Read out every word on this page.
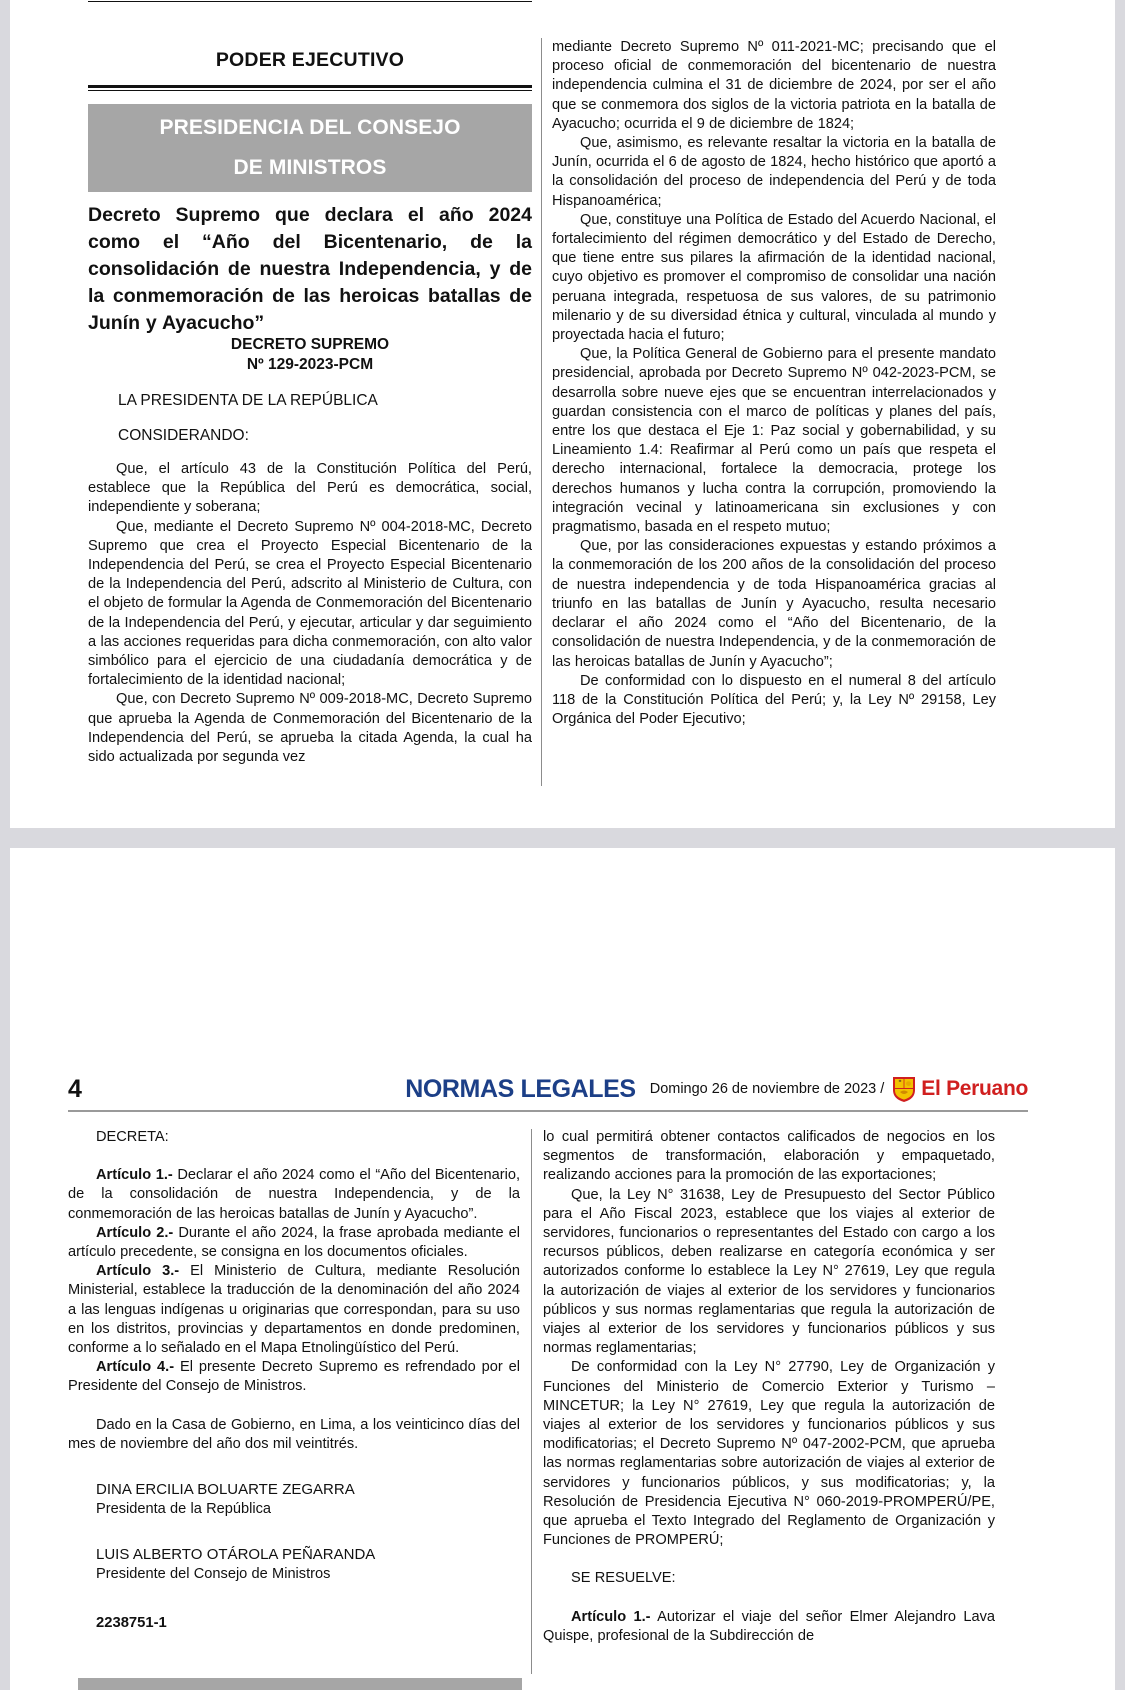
PODER EJECUTIVO
PRESIDENCIA DEL CONSEJO
DE MINISTROS
Decreto Supremo que declara el año 2024 como el “Año del Bicentenario, de la consolidación de nuestra Independencia, y de la conmemoración de las heroicas batallas de Junín y Ayacucho”
DECRETO SUPREMO
Nº 129-2023-PCM
LA PRESIDENTA DE LA REPÚBLICA
CONSIDERANDO:

Que, el artículo 43 de la Constitución Política del Perú, establece que la República del Perú es democrática, social, independiente y soberana;

Que, mediante el Decreto Supremo Nº 004-2018-MC, Decreto Supremo que crea el Proyecto Especial Bicentenario de la Independencia del Perú, se crea el Proyecto Especial Bicentenario de la Independencia del Perú, adscrito al Ministerio de Cultura, con el objeto de formular la Agenda de Conmemoración del Bicentenario de la Independencia del Perú, y ejecutar, articular y dar seguimiento a las acciones requeridas para dicha conmemoración, con alto valor simbólico para el ejercicio de una ciudadanía democrática y de fortalecimiento de la identidad nacional;

Que, con Decreto Supremo Nº 009-2018-MC, Decreto Supremo que aprueba la Agenda de Conmemoración del Bicentenario de la Independencia del Perú, se aprueba la citada Agenda, la cual ha sido actualizada por segunda vez

mediante Decreto Supremo Nº 011-2021-MC; precisando que el proceso oficial de conmemoración del bicentenario de nuestra independencia culmina el 31 de diciembre de 2024, por ser el año que se conmemora dos siglos de la victoria patriota en la batalla de Ayacucho; ocurrida el 9 de diciembre de 1824;

Que, asimismo, es relevante resaltar la victoria en la batalla de Junín, ocurrida el 6 de agosto de 1824, hecho histórico que aportó a la consolidación del proceso de independencia del Perú y de toda Hispanoamérica;

Que, constituye una Política de Estado del Acuerdo Nacional, el fortalecimiento del régimen democrático y del Estado de Derecho, que tiene entre sus pilares la afirmación de la identidad nacional, cuyo objetivo es promover el compromiso de consolidar una nación peruana integrada, respetuosa de sus valores, de su patrimonio milenario y de su diversidad étnica y cultural, vinculada al mundo y proyectada hacia el futuro;

Que, la Política General de Gobierno para el presente mandato presidencial, aprobada por Decreto Supremo Nº 042-2023-PCM, se desarrolla sobre nueve ejes que se encuentran interrelacionados y guardan consistencia con el marco de políticas y planes del país, entre los que destaca el Eje 1: Paz social y gobernabilidad, y su Lineamiento 1.4: Reafirmar al Perú como un país que respeta el derecho internacional, fortalece la democracia, protege los derechos humanos y lucha contra la corrupción, promoviendo la integración vecinal y latinoamericana sin exclusiones y con pragmatismo, basada en el respeto mutuo;

Que, por las consideraciones expuestas y estando próximos a la conmemoración de los 200 años de la consolidación del proceso de nuestra independencia y de toda Hispanoamérica gracias al triunfo en las batallas de Junín y Ayacucho, resulta necesario declarar el año 2024 como el “Año del Bicentenario, de la consolidación de nuestra Independencia, y de la conmemoración de las heroicas batallas de Junín y Ayacucho”;

De conformidad con lo dispuesto en el numeral 8 del artículo 118 de la Constitución Política del Perú; y, la Ley Nº 29158, Ley Orgánica del Poder Ejecutivo;

4	NORMAS LEGALES Domingo 26 de noviembre de 2023 / El Peruano

DECRETA:

Artículo 1.- Declarar el año 2024 como el “Año del Bicentenario, de la consolidación de nuestra Independencia, y de la conmemoración de las heroicas batallas de Junín y Ayacucho”.

Artículo 2.- Durante el año 2024, la frase aprobada mediante el artículo precedente, se consigna en los documentos oficiales.

Artículo 3.- El Ministerio de Cultura, mediante Resolución Ministerial, establece la traducción de la denominación del año 2024 a las lenguas indígenas u originarias que correspondan, para su uso en los distritos, provincias y departamentos en donde predominen, conforme a lo señalado en el Mapa Etnolingüístico del Perú.

Artículo 4.- El presente Decreto Supremo es refrendado por el Presidente del Consejo de Ministros.

Dado en la Casa de Gobierno, en Lima, a los veinticinco días del mes de noviembre del año dos mil veintitrés.

DINA ERCILIA BOLUARTE ZEGARRA
Presidenta de la República
LUIS ALBERTO OTÁROLA PEÑARANDA
Presidente del Consejo de Ministros
2238751-1

lo cual permitirá obtener contactos calificados de negocios en los segmentos de transformación, elaboración y empaquetado, realizando acciones para la promoción de las exportaciones;

Que, la Ley N° 31638, Ley de Presupuesto del Sector Público para el Año Fiscal 2023, establece que los viajes al exterior de servidores, funcionarios o representantes del Estado con cargo a los recursos públicos, deben realizarse en categoría económica y ser autorizados conforme lo establece la Ley N° 27619, Ley que regula la autorización de viajes al exterior de los servidores y funcionarios públicos y sus normas reglamentarias que regula la autorización de viajes al exterior de los servidores y funcionarios públicos y sus normas reglamentarias;

De conformidad con la Ley N° 27790, Ley de Organización y Funciones del Ministerio de Comercio Exterior y Turismo – MINCETUR; la Ley N° 27619, Ley que regula la autorización de viajes al exterior de los servidores y funcionarios públicos y sus modificatorias; el Decreto Supremo Nº 047-2002-PCM, que aprueba las normas reglamentarias sobre autorización de viajes al exterior de servidores y funcionarios públicos, y sus modificatorias; y, la Resolución de Presidencia Ejecutiva N° 060-2019-PROMPERÚ/PE, que aprueba el Texto Integrado del Reglamento de Organización y Funciones de PROMPERÚ;

SE RESUELVE:

Artículo 1.- Autorizar el viaje del señor Elmer Alejandro Lava Quispe, profesional de la Subdirección de
